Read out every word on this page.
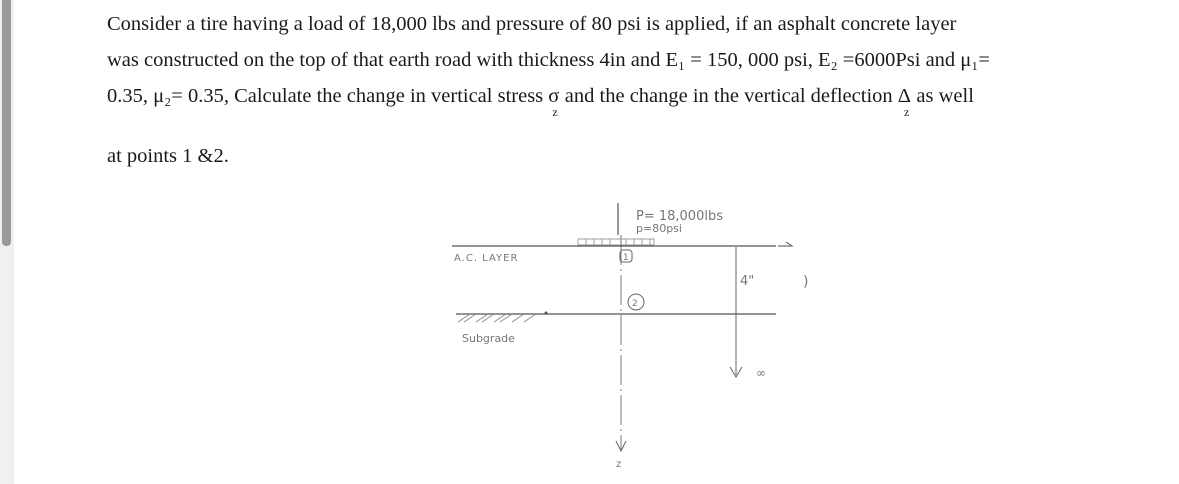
Consider a tire having a load of 18,000 lbs and pressure of 80 psi is applied, if an asphalt concrete layer

was constructed on the top of that earth road with thickness 4in and E₁ = 150, 000 psi, E₂ =6000Psi and μ₁=

0.35, μ₂= 0.35, Calculate the change in vertical stress $\sigma_z$ and the change in the vertical deflection $\Delta_z$ as well

at points 1 &2.

P= 18,000lbs
p=80psi
z
A.C. LAYER	1
4"
∞
)
2
Subgrade
